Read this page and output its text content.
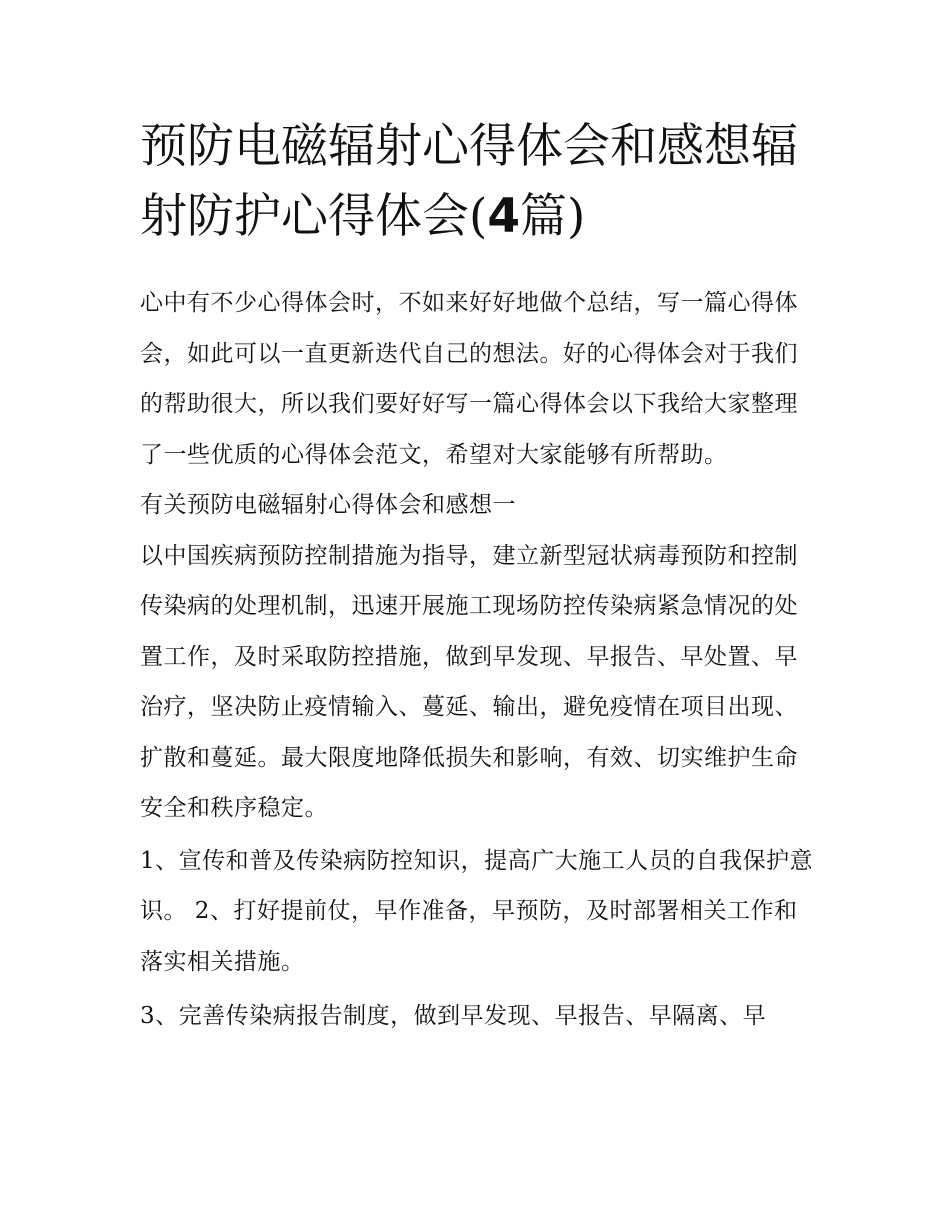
预防电磁辐射心得体会和感想辐射防护心得体会(4篇)

心中有不少心得体会时，不如来好好地做个总结，写一篇心得体会，如此可以一直更新迭代自己的想法。好的心得体会对于我们的帮助很大，所以我们要好好写一篇心得体会以下我给大家整理了一些优质的心得体会范文，希望对大家能够有所帮助。

有关预防电磁辐射心得体会和感想一

以中国疾病预防控制措施为指导，建立新型冠状病毒预防和控制传染病的处理机制，迅速开展施工现场防控传染病紧急情况的处置工作，及时采取防控措施，做到早发现、早报告、早处置、早治疗，坚决防止疫情输入、蔓延、输出，避免疫情在项目出现、扩散和蔓延。最大限度地降低损失和影响，有效、切实维护生命安全和秩序稳定。

1、宣传和普及传染病防控知识，提高广大施工人员的自我保护意识。 2、打好提前仗，早作准备，早预防，及时部署相关工作和落实相关措施。

3、完善传染病报告制度，做到早发现、早报告、早隔离、早
